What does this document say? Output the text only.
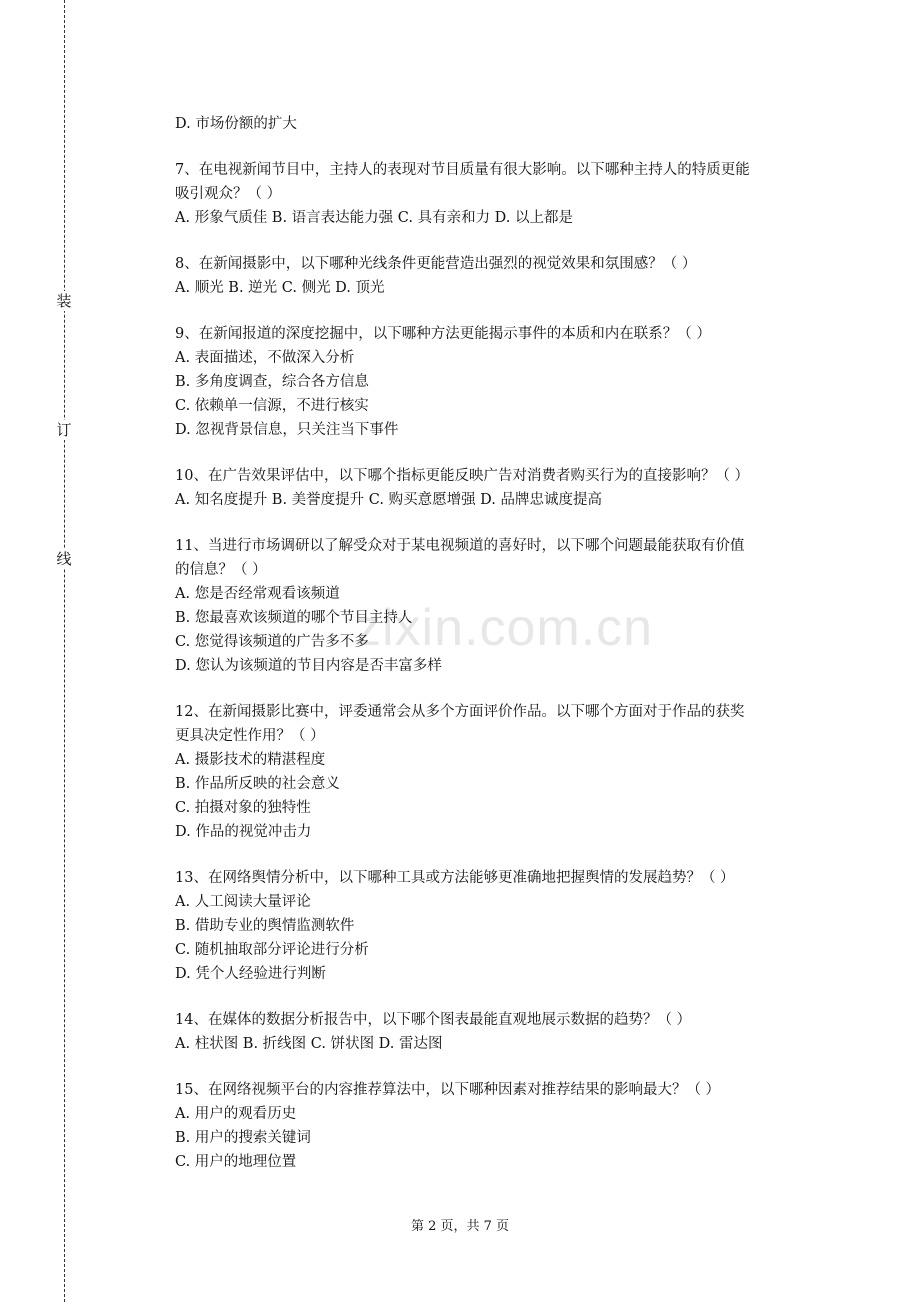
装
订
线
zixin.com.cn

D. 市场份额的扩大

7、在电视新闻节目中，主持人的表现对节目质量有很大影响。以下哪种主持人的特质更能

吸引观众？（ ）

A. 形象气质佳 B. 语言表达能力强 C. 具有亲和力 D. 以上都是

8、在新闻摄影中，以下哪种光线条件更能营造出强烈的视觉效果和氛围感？（ ）

A. 顺光 B. 逆光 C. 侧光 D. 顶光

9、在新闻报道的深度挖掘中，以下哪种方法更能揭示事件的本质和内在联系？（ ）

A. 表面描述，不做深入分析

B. 多角度调查，综合各方信息

C. 依赖单一信源，不进行核实

D. 忽视背景信息，只关注当下事件

10、在广告效果评估中，以下哪个指标更能反映广告对消费者购买行为的直接影响？（ ）

A. 知名度提升 B. 美誉度提升 C. 购买意愿增强 D. 品牌忠诚度提高

11、当进行市场调研以了解受众对于某电视频道的喜好时，以下哪个问题最能获取有价值

的信息？（ ）

A. 您是否经常观看该频道

B. 您最喜欢该频道的哪个节目主持人

C. 您觉得该频道的广告多不多

D. 您认为该频道的节目内容是否丰富多样

12、在新闻摄影比赛中，评委通常会从多个方面评价作品。以下哪个方面对于作品的获奖

更具决定性作用？（ ）

A. 摄影技术的精湛程度

B. 作品所反映的社会意义

C. 拍摄对象的独特性

D. 作品的视觉冲击力

13、在网络舆情分析中，以下哪种工具或方法能够更准确地把握舆情的发展趋势？（ ）

A. 人工阅读大量评论

B. 借助专业的舆情监测软件

C. 随机抽取部分评论进行分析

D. 凭个人经验进行判断

14、在媒体的数据分析报告中，以下哪个图表最能直观地展示数据的趋势？（ ）

A. 柱状图 B. 折线图 C. 饼状图 D. 雷达图

15、在网络视频平台的内容推荐算法中，以下哪种因素对推荐结果的影响最大？（ ）

A. 用户的观看历史

B. 用户的搜索关键词

C. 用户的地理位置

第 2 页，共 7 页
